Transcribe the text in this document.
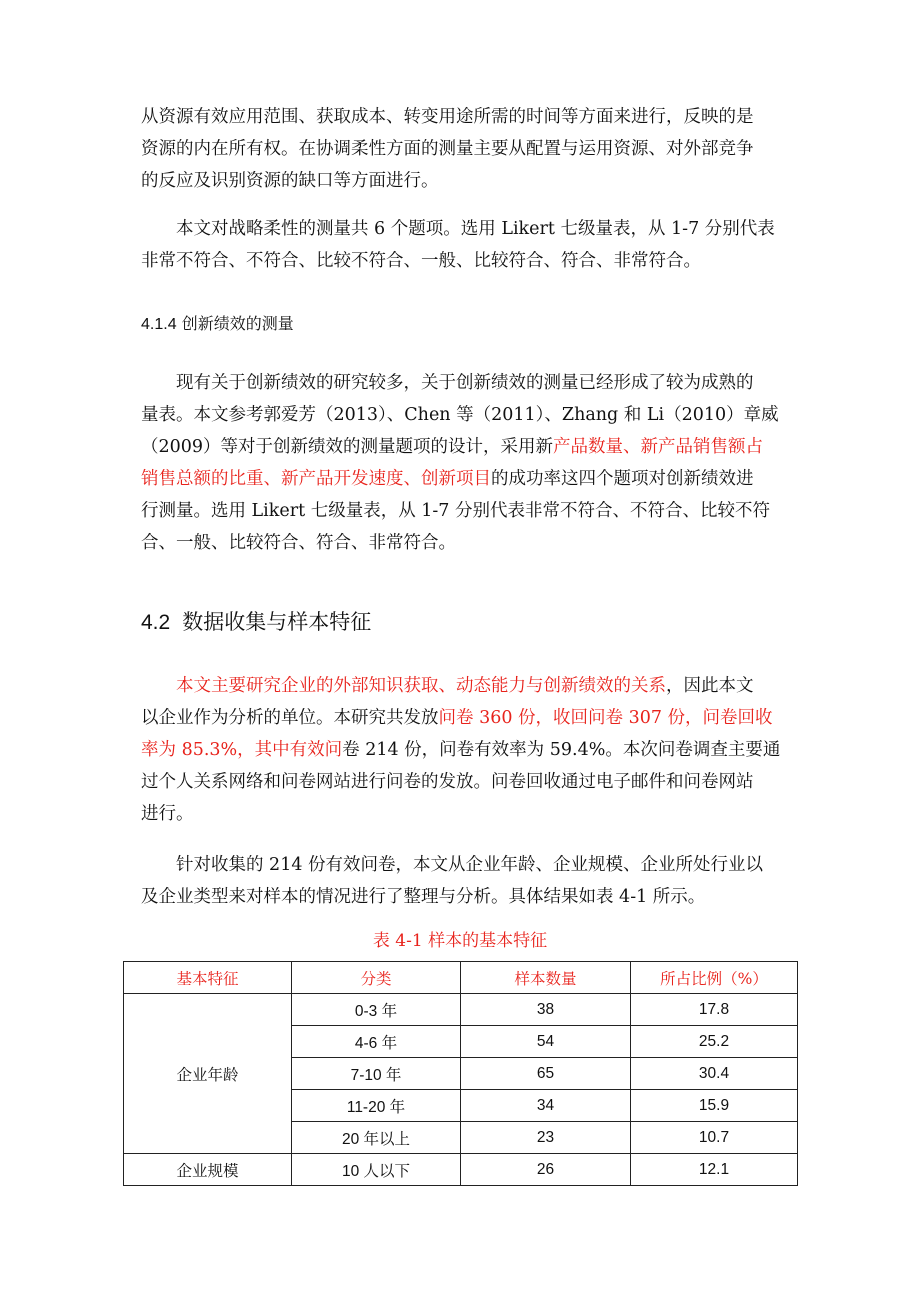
从资源有效应用范围、获取成本、转变用途所需的时间等方面来进行，反映的是
资源的内在所有权。在协调柔性方面的测量主要从配置与运用资源、对外部竞争
的反应及识别资源的缺口等方面进行。

本文对战略柔性的测量共 6 个题项。选用 Likert 七级量表，从 1-7 分别代表
非常不符合、不符合、比较不符合、一般、比较符合、符合、非常符合。

4.1.4 创新绩效的测量

现有关于创新绩效的研究较多，关于创新绩效的测量已经形成了较为成熟的
量表。本文参考郭爱芳（2013）、Chen 等（2011）、Zhang 和 Li（2010）章威
（2009）等对于创新绩效的测量题项的设计，采用新产品数量、新产品销售额占
销售总额的比重、新产品开发速度、创新项目的成功率这四个题项对创新绩效进
行测量。选用 Likert 七级量表，从 1-7 分别代表非常不符合、不符合、比较不符
合、一般、比较符合、符合、非常符合。

4.2 数据收集与样本特征

本文主要研究企业的外部知识获取、动态能力与创新绩效的关系，因此本文
以企业作为分析的单位。本研究共发放问卷 360 份，收回问卷 307 份，问卷回收
率为 85.3%，其中有效问卷 214 份，问卷有效率为 59.4%。本次问卷调查主要通
过个人关系网络和问卷网站进行问卷的发放。问卷回收通过电子邮件和问卷网站
进行。

针对收集的 214 份有效问卷，本文从企业年龄、企业规模、企业所处行业以
及企业类型来对样本的情况进行了整理与分析。具体结果如表 4-1 所示。

表 4-1 样本的基本特征

基本特征	分类	样本数量	所占比例（%）
企业年龄	0-3 年	38	17.8
	4-6 年	54	25.2
	7-10 年	65	30.4
	11-20 年	34	15.9
	20 年以上	23	10.7
企业规模	10 人以下	26	12.1
